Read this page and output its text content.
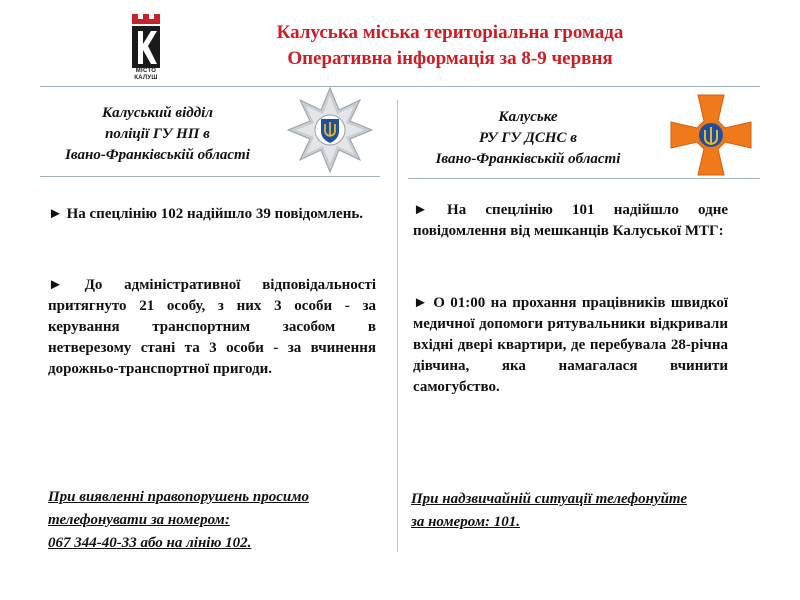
МІСТО
КАЛУШ
Калуська міська територіальна громада
Оперативна інформація за 8-9 червня
Калуський відділ
поліції ГУ НП в
Івано-Франківській області
Калуське
РУ ГУ ДСНС в
Івано-Франківській області
► На спецлінію 102 надійшло 39 повідомлень.
► До адміністративної відповідальності притягнуто 21 особу, з них 3 особи - за керування транспортним засобом в нетверезому стані та 3 особи - за вчинення дорожньо-транспортної пригоди.
► На спецлінію 101 надійшло одне повідомлення від мешканців Калуської МТГ:
► О 01:00 на прохання працівників швидкої медичної допомоги рятувальники відкривали вхідні двері квартири, де перебувала 28-річна дівчина, яка намагалася вчинити самогубство.
При виявленні правопорушень просимо
телефонувати за номером:
067 344-40-33 або на лінію 102.
При надзвичайній ситуації телефонуйте
за номером: 101.
